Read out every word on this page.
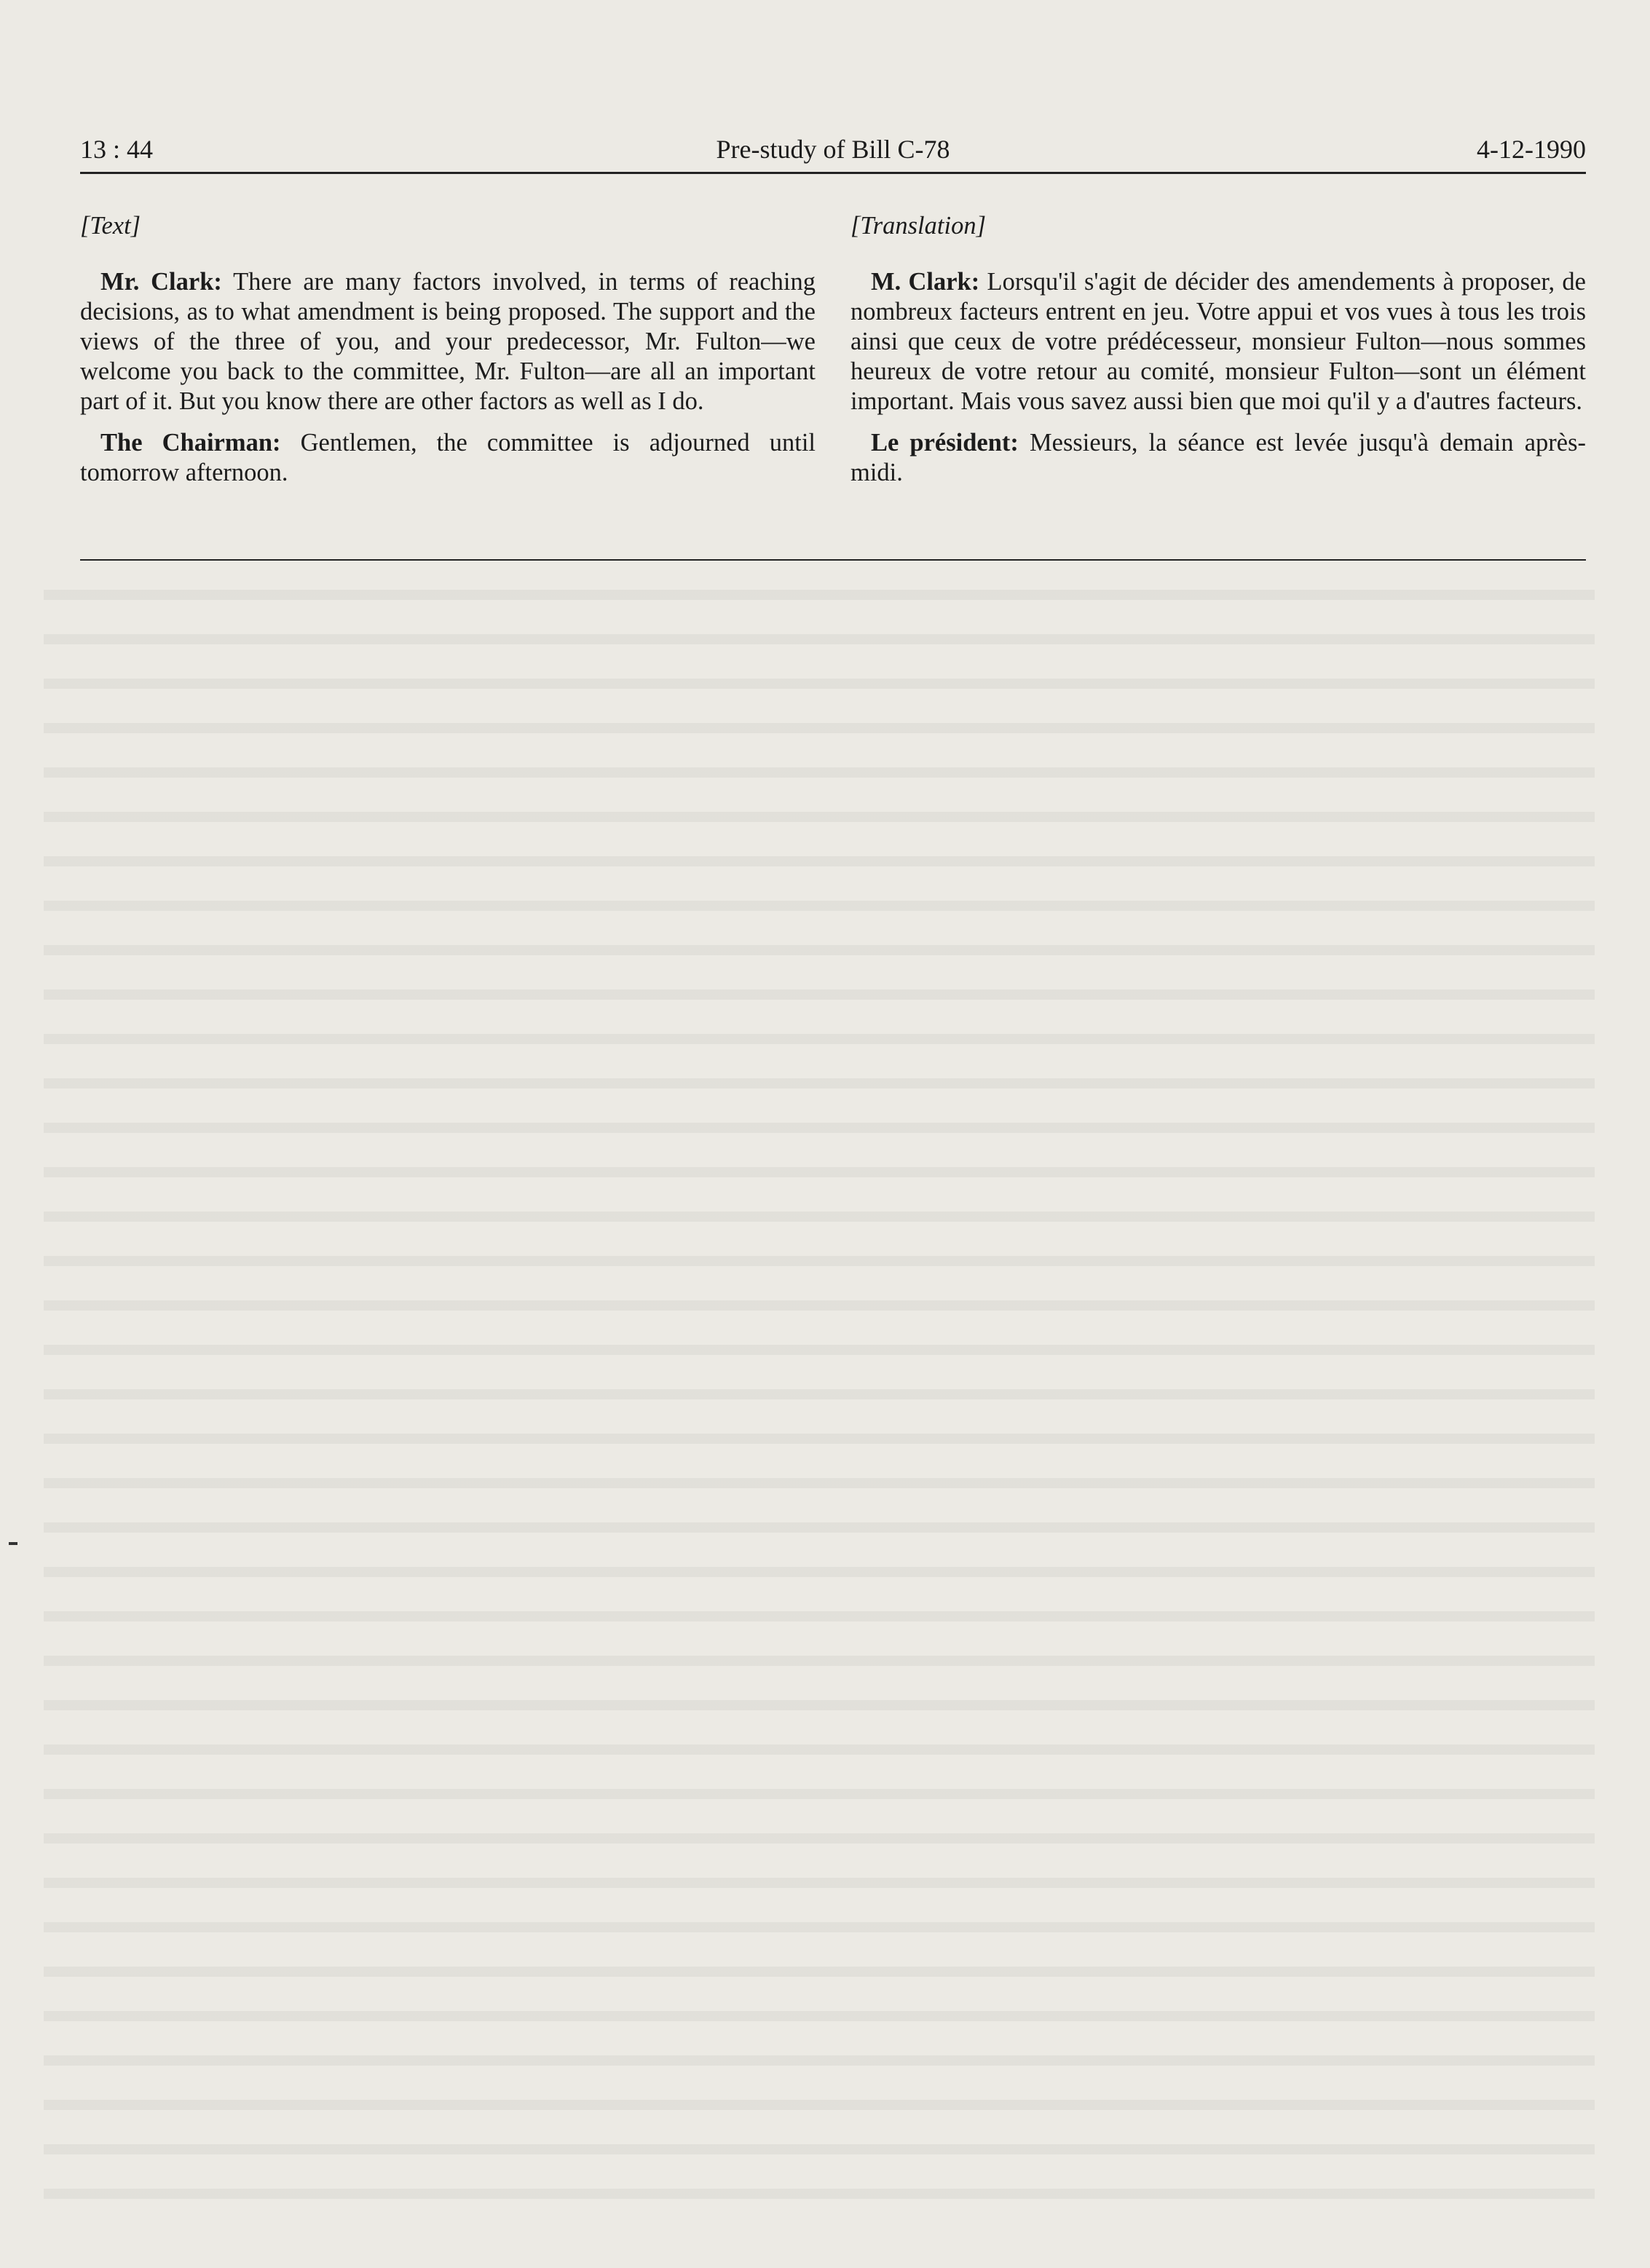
13 : 44	Pre-study of Bill C-78	4-12-1990

[Text]

Mr. Clark: There are many factors involved, in terms of reaching decisions, as to what amendment is being proposed. The support and the views of the three of you, and your predecessor, Mr. Fulton—we welcome you back to the committee, Mr. Fulton—are all an important part of it. But you know there are other factors as well as I do.

The Chairman: Gentlemen, the committee is adjourned until tomorrow afternoon.

[Translation]

M. Clark: Lorsqu'il s'agit de décider des amendements à proposer, de nombreux facteurs entrent en jeu. Votre appui et vos vues à tous les trois ainsi que ceux de votre prédécesseur, monsieur Fulton—nous sommes heureux de votre retour au comité, monsieur Fulton—sont un élément important. Mais vous savez aussi bien que moi qu'il y a d'autres facteurs.

Le président: Messieurs, la séance est levée jusqu'à demain après-midi.
